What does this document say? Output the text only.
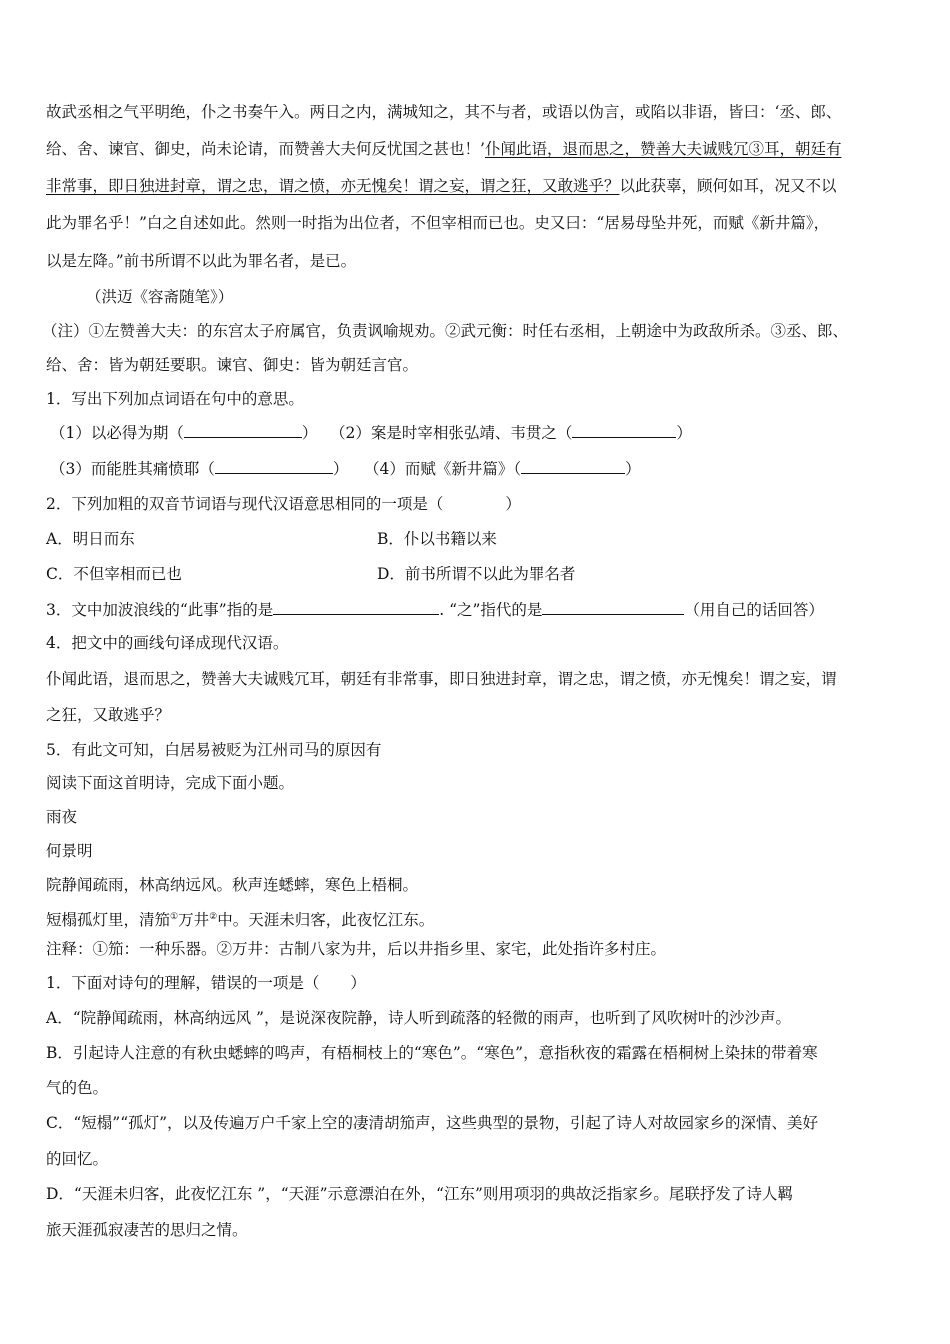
故武丞相之气平明绝，仆之书奏午入。两日之内，满城知之，其不与者，或语以伪言，或陷以非语，皆曰：‘丞、郎、
给、舍、谏官、御史，尚未论请，而赞善大夫何反忧国之甚也！’仆闻此语，退而思之，赞善大夫诚贱冗③耳，朝廷有
非常事，即日独进封章，谓之忠，谓之愤，亦无愧矣！谓之妄，谓之狂，又敢逃乎？以此获辜，顾何如耳，况又不以
此为罪名乎！”白之自述如此。然则一时指为出位者，不但宰相而已也。史又曰：“居易母坠井死，而赋《新井篇》，
以是左降。”前书所谓不以此为罪名者，是已。
（洪迈《容斋随笔》）
（注）①左赞善大夫：的东宫太子府属官，负责讽喻规劝。②武元衡：时任右丞相，上朝途中为政敌所杀。③丞、郎、
给、舍：皆为朝廷要职。谏官、御史：皆为朝廷言官。
1．写出下列加点词语在句中的意思。
（1）以必得为期（	） （2）案是时宰相张弘靖、韦贯之（	）
（3）而能胜其痛愤耶（	） （4）而赋《新井篇》（	）
2．下列加粗的双音节词语与现代汉语意思相同的一项是（　　　　）
A．明日而东	B．仆以书籍以来
C．不但宰相而已也	D．前书所谓不以此为罪名者
3．文中加波浪线的“此事”指的是	. “之”指代的是	（用自己的话回答）
4．把文中的画线句译成现代汉语。
仆闻此语，退而思之，赞善大夫诚贱冗耳，朝廷有非常事，即日独进封章，谓之忠，谓之愤，亦无愧矣！谓之妄，谓
之狂，又敢逃乎？
5．有此文可知，白居易被贬为江州司马的原因有
阅读下面这首明诗，完成下面小题。
雨夜
何景明
院静闻疏雨，林高纳远风。秋声连蟋蟀，寒色上梧桐。
短榻孤灯里，清笳①万井②中。天涯未归客，此夜忆江东。
注释：①笳：一种乐器。②万井：古制八家为井，后以井指乡里、家宅，此处指许多村庄。
1．下面对诗句的理解，错误的一项是（　　）
A．“院静闻疏雨，林高纳远风 ”，是说深夜院静，诗人听到疏落的轻微的雨声，也听到了风吹树叶的沙沙声。
B．引起诗人注意的有秋虫蟋蟀的鸣声，有梧桐枝上的“寒色”。“寒色”，意指秋夜的霜露在梧桐树上染抹的带着寒
气的色。
C．“短榻”“孤灯”，以及传遍万户千家上空的凄清胡笳声，这些典型的景物，引起了诗人对故园家乡的深情、美好
的回忆。
D．“天涯未归客，此夜忆江东 ”，“天涯”示意漂泊在外，“江东”则用项羽的典故泛指家乡。尾联抒发了诗人羁
旅天涯孤寂凄苦的思归之情。
